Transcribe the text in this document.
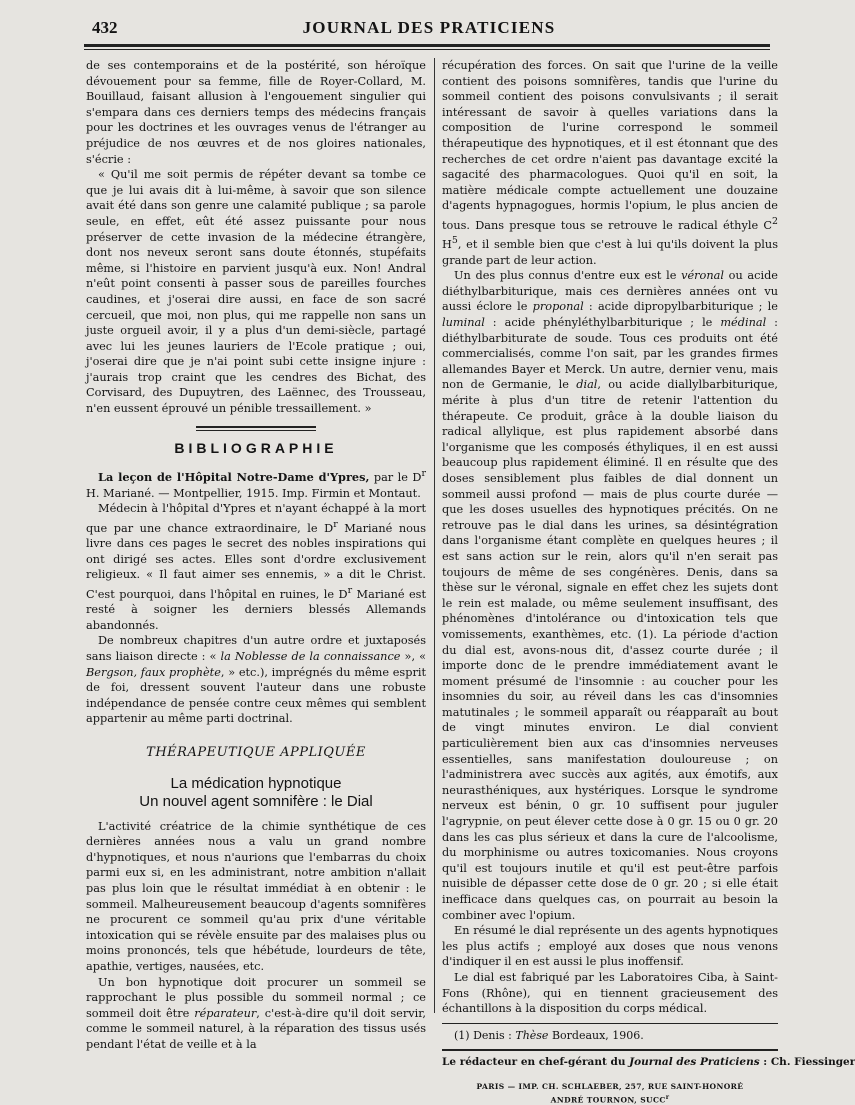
432	JOURNAL DES PRATICIENS

de ses contemporains et de la postérité, son héroïque dévouement pour sa femme, fille de Royer-Collard, M. Bouillaud, faisant allusion à l'engouement singulier qui s'empara dans ces derniers temps des médecins français pour les doctrines et les ouvrages venus de l'étranger au préjudice de nos œuvres et de nos gloires nationales, s'écrie :

« Qu'il me soit permis de répéter devant sa tombe ce que je lui avais dit à lui-même, à savoir que son silence avait été dans son genre une calamité publique ; sa parole seule, en effet, eût été assez puissante pour nous préserver de cette invasion de la médecine étrangère, dont nos neveux seront sans doute étonnés, stupéfaits même, si l'histoire en parvient jusqu'à eux. Non! Andral n'eût point consenti à passer sous de pareilles fourches caudines, et j'oserai dire aussi, en face de son sacré cercueil, que moi, non plus, qui me rappelle non sans un juste orgueil avoir, il y a plus d'un demi-siècle, partagé avec lui les jeunes lauriers de l'Ecole pratique ; oui, j'oserai dire que je n'ai point subi cette insigne injure : j'aurais trop craint que les cendres des Bichat, des Corvisard, des Dupuytren, des Laënnec, des Trousseau, n'en eussent éprouvé un pénible tressaillement. »

BIBLIOGRAPHIE

La leçon de l'Hôpital Notre-Dame d'Ypres, par le $D^r$ H. Mariané. — Montpellier, 1915. Imp. Firmin et Montaut.

Médecin à l'hôpital d'Ypres et n'ayant échappé à la mort que par une chance extraordinaire, le $D^r$ Mariané nous livre dans ces pages le secret des nobles inspirations qui ont dirigé ses actes. Elles sont d'ordre exclusivement religieux. « Il faut aimer ses ennemis, » a dit le Christ. C'est pourquoi, dans l'hôpital en ruines, le $D^r$ Mariané est resté à soigner les derniers blessés Allemands abandonnés.

De nombreux chapitres d'un autre ordre et juxtaposés sans liaison directe : « la Noblesse de la connaissance », « Bergson, faux prophète, » etc.), imprégnés du même esprit de foi, dressent souvent l'auteur dans une robuste indépendance de pensée contre ceux mêmes qui semblent appartenir au même parti doctrinal.

THÉRAPEUTIQUE APPLIQUÉE
La médication hypnotique
Un nouvel agent somnifère : le Dial

L'activité créatrice de la chimie synthétique de ces dernières années nous a valu un grand nombre d'hypnotiques, et nous n'aurions que l'embarras du choix parmi eux si, en les administrant, notre ambition n'allait pas plus loin que le résultat immédiat à en obtenir : le sommeil. Malheureusement beaucoup d'agents somnifères ne procurent ce sommeil qu'au prix d'une véritable intoxication qui se révèle ensuite par des malaises plus ou moins prononcés, tels que hébétude, lourdeurs de tête, apathie, vertiges, nausées, etc.

Un bon hypnotique doit procurer un sommeil se rapprochant le plus possible du sommeil normal ; ce sommeil doit être réparateur, c'est-à-dire qu'il doit servir, comme le sommeil naturel, à la réparation des tissus usés pendant l'état de veille et à la

récupération des forces. On sait que l'urine de la veille contient des poisons somnifères, tandis que l'urine du sommeil contient des poisons convulsivants ; il serait intéressant de savoir à quelles variations dans la composition de l'urine correspond le sommeil thérapeutique des hypnotiques, et il est étonnant que des recherches de cet ordre n'aient pas davantage excité la sagacité des pharmacologues. Quoi qu'il en soit, la matière médicale compte actuellement une douzaine d'agents hypnagogues, hormis l'opium, le plus ancien de tous. Dans presque tous se retrouve le radical éthyle $C^2$ $H^5$, et il semble bien que c'est à lui qu'ils doivent la plus grande part de leur action.

Un des plus connus d'entre eux est le véronal ou acide diéthylbarbiturique, mais ces dernières années ont vu aussi éclore le proponal : acide dipropylbarbiturique ; le luminal : acide phényléthylbarbiturique ; le médinal : diéthylbarbiturate de soude. Tous ces produits ont été commercialisés, comme l'on sait, par les grandes firmes allemandes Bayer et Merck. Un autre, dernier venu, mais non de Germanie, le dial, ou acide diallylbarbiturique, mérite à plus d'un titre de retenir l'attention du thérapeute. Ce produit, grâce à la double liaison du radical allylique, est plus rapidement absorbé dans l'organisme que les composés éthyliques, il en est aussi beaucoup plus rapidement éliminé. Il en résulte que des doses sensiblement plus faibles de dial donnent un sommeil aussi profond — mais de plus courte durée — que les doses usuelles des hypnotiques précités. On ne retrouve pas le dial dans les urines, sa désintégration dans l'organisme étant complète en quelques heures ; il est sans action sur le rein, alors qu'il n'en serait pas toujours de même de ses congénères. Denis, dans sa thèse sur le véronal, signale en effet chez les sujets dont le rein est malade, ou même seulement insuffisant, des phénomènes d'intolérance ou d'intoxication tels que vomissements, exanthèmes, etc. (1). La période d'action du dial est, avons-nous dit, d'assez courte durée ; il importe donc de le prendre immédiatement avant le moment présumé de l'insomnie : au coucher pour les insomnies du soir, au réveil dans les cas d'insomnies matutinales ; le sommeil apparaît ou réapparaît au bout de vingt minutes environ. Le dial convient particulièrement bien aux cas d'insomnies nerveuses essentielles, sans manifestation douloureuse ; on l'administrera avec succès aux agités, aux émotifs, aux neurasthéniques, aux hystériques. Lorsque le syndrome nerveux est bénin, 0 gr. 10 suffisent pour juguler l'agrypnie, on peut élever cette dose à 0 gr. 15 ou 0 gr. 20 dans les cas plus sérieux et dans la cure de l'alcoolisme, du morphinisme ou autres toxicomanies. Nous croyons qu'il est toujours inutile et qu'il est peut-être parfois nuisible de dépasser cette dose de 0 gr. 20 ; si elle était inefficace dans quelques cas, on pourrait au besoin la combiner avec l'opium.

En résumé le dial représente un des agents hypnotiques les plus actifs ; employé aux doses que nous venons d'indiquer il en est aussi le plus inoffensif.

Le dial est fabriqué par les Laboratoires Ciba, à Saint-Fons (Rhône), qui en tiennent gracieusement des échantillons à la disposition du corps médical.

(1) Denis : Thèse Bordeaux, 1906.

Le rédacteur en chef-gérant du Journal des Praticiens : Ch. Fiessinger
PARIS — IMP. CH. SCHLAEBER, 257, RUE SAINT-HONORÉ
ANDRÉ TOURNON, SUCC$^r$
